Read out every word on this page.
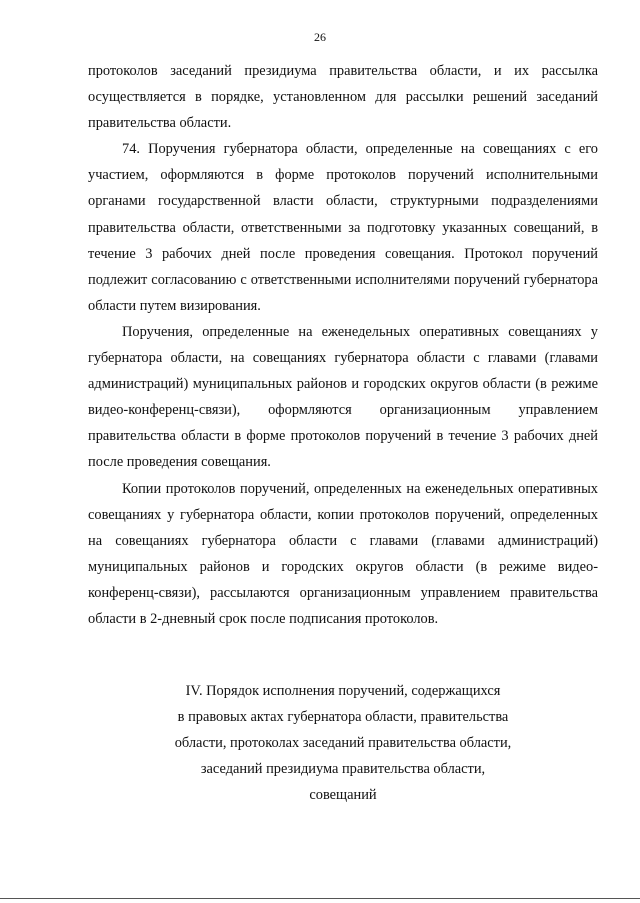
26

протоколов заседаний президиума правительства области, и их рассылка осуществляется в порядке, установленном для рассылки решений заседаний правительства области.

74. Поручения губернатора области, определенные на совещаниях с его участием, оформляются в форме протоколов поручений исполнительными органами государственной власти области, структурными подразделениями правительства области, ответственными за подготовку указанных совещаний, в течение 3 рабочих дней после проведения совещания. Протокол поручений подлежит согласованию с ответственными исполнителями поручений губернатора области путем визирования.

Поручения, определенные на еженедельных оперативных совещаниях у губернатора области, на совещаниях губернатора области с главами (главами администраций) муниципальных районов и городских округов области (в режиме видео-конференц-связи), оформляются организационным управлением правительства области в форме протоколов поручений в течение 3 рабочих дней после проведения совещания.

Копии протоколов поручений, определенных на еженедельных оперативных совещаниях у губернатора области, копии протоколов поручений, определенных на совещаниях губернатора области с главами (главами администраций) муниципальных районов и городских округов области (в режиме видео-конференц-связи), рассылаются организационным управлением правительства области в 2-дневный срок после подписания протоколов.

IV. Порядок исполнения поручений, содержащихся
в правовых актах губернатора области, правительства
области, протоколах заседаний правительства области,
заседаний президиума правительства области,
совещаний
